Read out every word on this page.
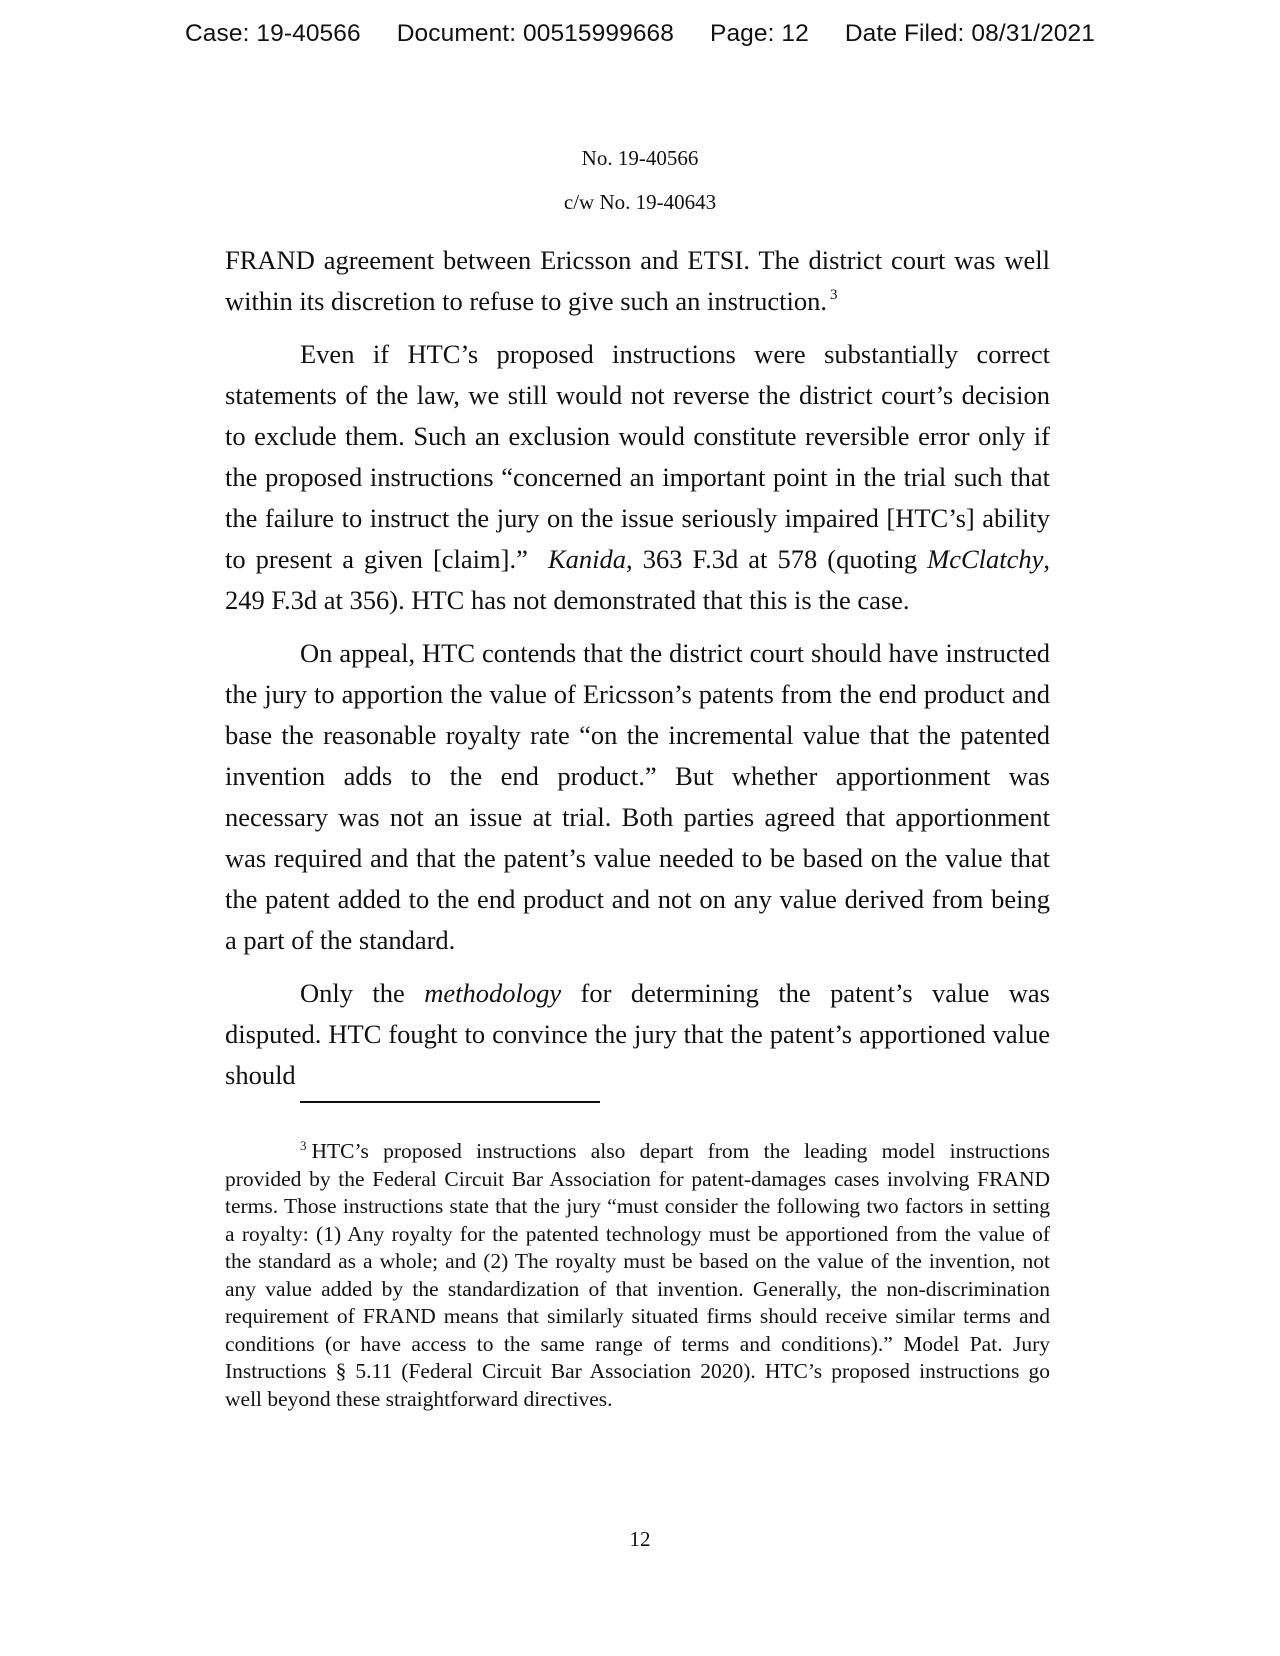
Case: 19-40566 Document: 00515999668 Page: 12 Date Filed: 08/31/2021
No. 19-40566
c/w No. 19-40643

FRAND agreement between Ericsson and ETSI. The district court was well within its discretion to refuse to give such an instruction. $^3$

Even if HTC’s proposed instructions were substantially correct statements of the law, we still would not reverse the district court’s decision to exclude them. Such an exclusion would constitute reversible error only if the proposed instructions “concerned an important point in the trial such that the failure to instruct the jury on the issue seriously impaired [HTC’s] ability to present a given [claim].” Kanida, 363 F.3d at 578 (quoting McClatchy, 249 F.3d at 356). HTC has not demonstrated that this is the case.

On appeal, HTC contends that the district court should have instructed the jury to apportion the value of Ericsson’s patents from the end product and base the reasonable royalty rate “on the incremental value that the patented invention adds to the end product.” But whether apportionment was necessary was not an issue at trial. Both parties agreed that apportionment was required and that the patent’s value needed to be based on the value that the patent added to the end product and not on any value derived from being a part of the standard.

Only the methodology for determining the patent’s value was disputed. HTC fought to convince the jury that the patent’s apportioned value should

$^3$ HTC’s proposed instructions also depart from the leading model instructions provided by the Federal Circuit Bar Association for patent-damages cases involving FRAND terms. Those instructions state that the jury “must consider the following two factors in setting a royalty: (1) Any royalty for the patented technology must be apportioned from the value of the standard as a whole; and (2) The royalty must be based on the value of the invention, not any value added by the standardization of that invention. Generally, the non-discrimination requirement of FRAND means that similarly situated firms should receive similar terms and conditions (or have access to the same range of terms and conditions).” Model Pat. Jury Instructions § 5.11 (Federal Circuit Bar Association 2020). HTC’s proposed instructions go well beyond these straightforward directives.
12
